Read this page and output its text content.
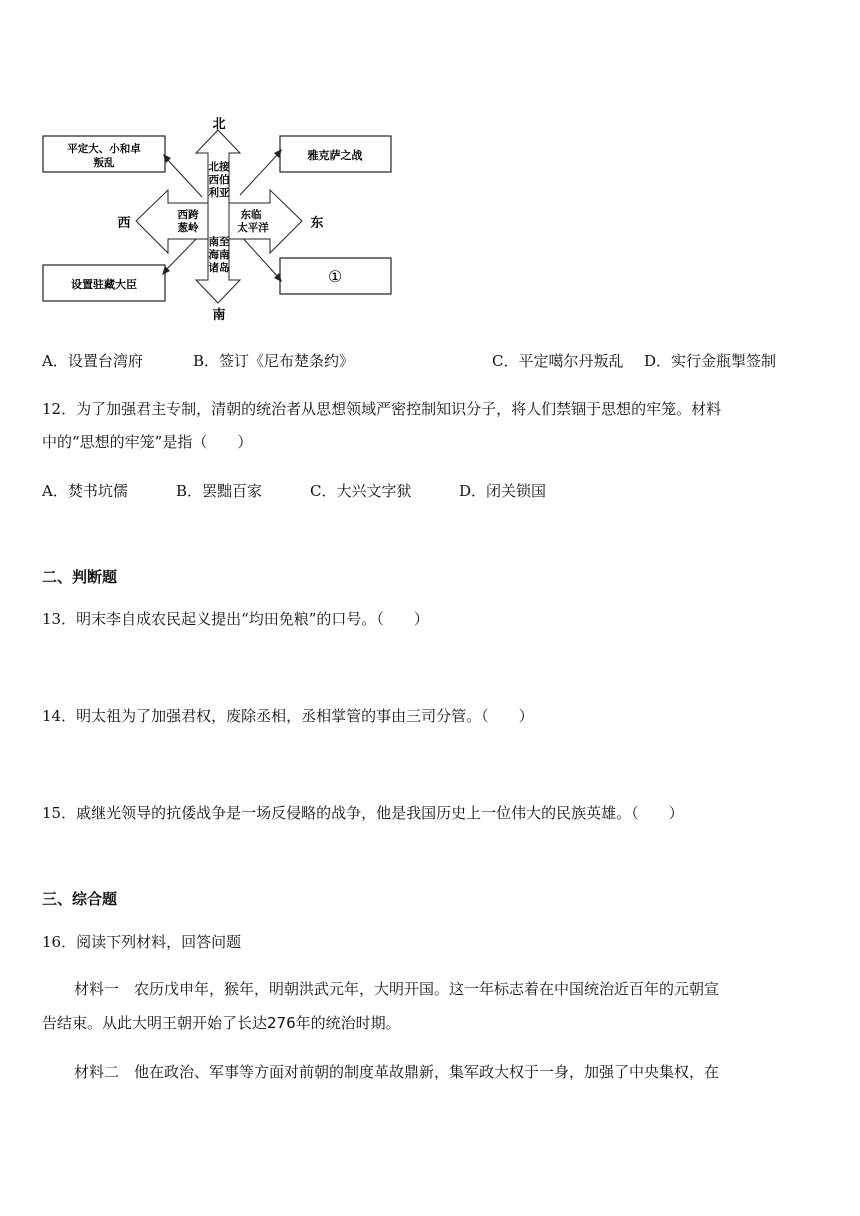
北
南
西	东
平定大、小和卓
叛乱
雅克萨之战
设置驻藏大臣	①
北接
西伯
利亚
西跨
葱岭
东临
太平洋
南至
海南
诸岛
A．设置台湾府	B．签订《尼布楚条约》	C．平定噶尔丹叛乱 D．实行金瓶掣签制
12．为了加强君主专制，清朝的统治者从思想领域严密控制知识分子，将人们禁锢于思想的牢笼。材料
中的“思想的牢笼”是指（　　）
A．焚书坑儒	B．罢黜百家	C．大兴文字狱	D．闭关锁国
二、判断题
13．明末李自成农民起义提出“均田免粮”的口号。（　　）
14．明太祖为了加强君权，废除丞相，丞相掌管的事由三司分管。（　　）
15．戚继光领导的抗倭战争是一场反侵略的战争，他是我国历史上一位伟大的民族英雄。（　　）
三、综合题
16．阅读下列材料，回答问题
材料一　农历戊申年，猴年，明朝洪武元年，大明开国。这一年标志着在中国统治近百年的元朝宣
告结束。从此大明王朝开始了长达276年的统治时期。
材料二　他在政治、军事等方面对前朝的制度革故鼎新，集军政大权于一身，加强了中央集权，在
